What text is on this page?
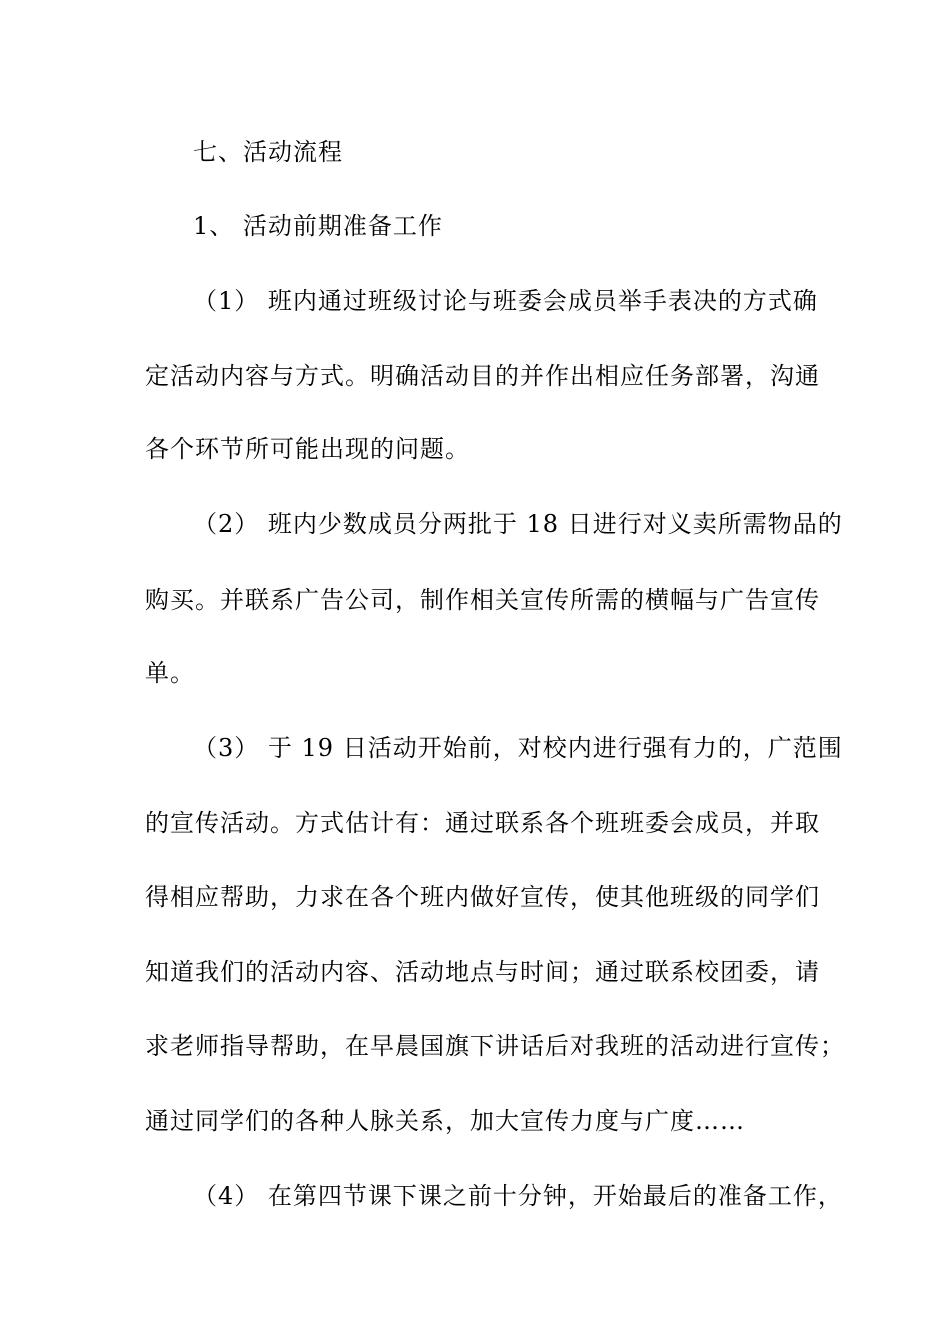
七、活动流程
1、 活动前期准备工作
（1） 班内通过班级讨论与班委会成员举手表决的方式确
定活动内容与方式。明确活动目的并作出相应任务部署，沟通
各个环节所可能出现的问题。
（2） 班内少数成员分两批于 18 日进行对义卖所需物品的
购买。并联系广告公司，制作相关宣传所需的横幅与广告宣传
单。
（3） 于 19 日活动开始前，对校内进行强有力的，广范围
的宣传活动。方式估计有：通过联系各个班班委会成员，并取
得相应帮助，力求在各个班内做好宣传，使其他班级的同学们
知道我们的活动内容、活动地点与时间；通过联系校团委，请
求老师指导帮助，在早晨国旗下讲话后对我班的活动进行宣传；
通过同学们的各种人脉关系，加大宣传力度与广度……
（4） 在第四节课下课之前十分钟，开始最后的准备工作，
